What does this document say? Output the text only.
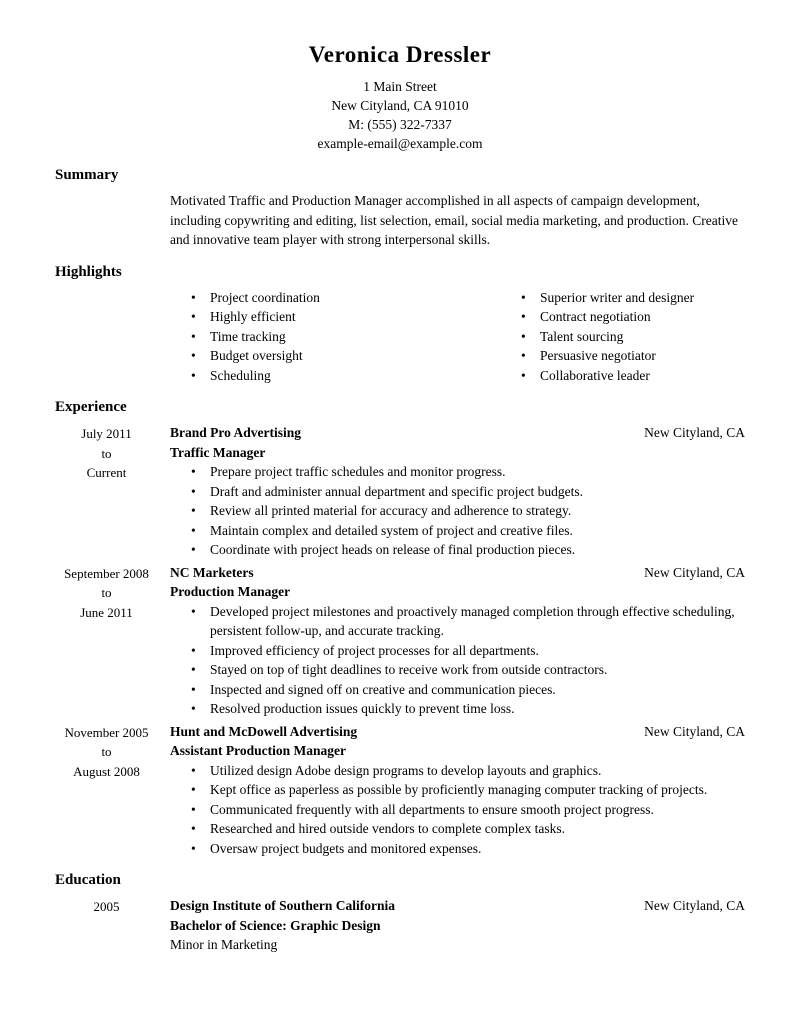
Veronica Dressler
1 Main Street
New Cityland, CA 91010
M: (555) 322-7337
example-email@example.com
Summary

Motivated Traffic and Production Manager accomplished in all aspects of campaign development, including copywriting and editing, list selection, email, social media marketing, and production. Creative and innovative team player with strong interpersonal skills.

Highlights
• Project coordination
• Highly efficient
• Time tracking
• Budget oversight
• Scheduling
• Superior writer and designer
• Contract negotiation
• Talent sourcing
• Persuasive negotiator
• Collaborative leader
Experience
July 2011
to
Current
Brand Pro Advertising	New Cityland, CA
Traffic Manager
• Prepare project traffic schedules and monitor progress.
• Draft and administer annual department and specific project budgets.
• Review all printed material for accuracy and adherence to strategy.
• Maintain complex and detailed system of project and creative files.
• Coordinate with project heads on release of final production pieces.
September 2008
to
June 2011
NC Marketers	New Cityland, CA
Production Manager
• Developed project milestones and proactively managed completion through effective scheduling, persistent follow-up, and accurate tracking.
• Improved efficiency of project processes for all departments.
• Stayed on top of tight deadlines to receive work from outside contractors.
• Inspected and signed off on creative and communication pieces.
• Resolved production issues quickly to prevent time loss.
November 2005
to
August 2008
Hunt and McDowell Advertising	New Cityland, CA
Assistant Production Manager
• Utilized design Adobe design programs to develop layouts and graphics.
• Kept office as paperless as possible by proficiently managing computer tracking of projects.
• Communicated frequently with all departments to ensure smooth project progress.
• Researched and hired outside vendors to complete complex tasks.
• Oversaw project budgets and monitored expenses.
Education
2005	Design Institute of Southern California	New Cityland, CA
Bachelor of Science: Graphic Design
Minor in Marketing
